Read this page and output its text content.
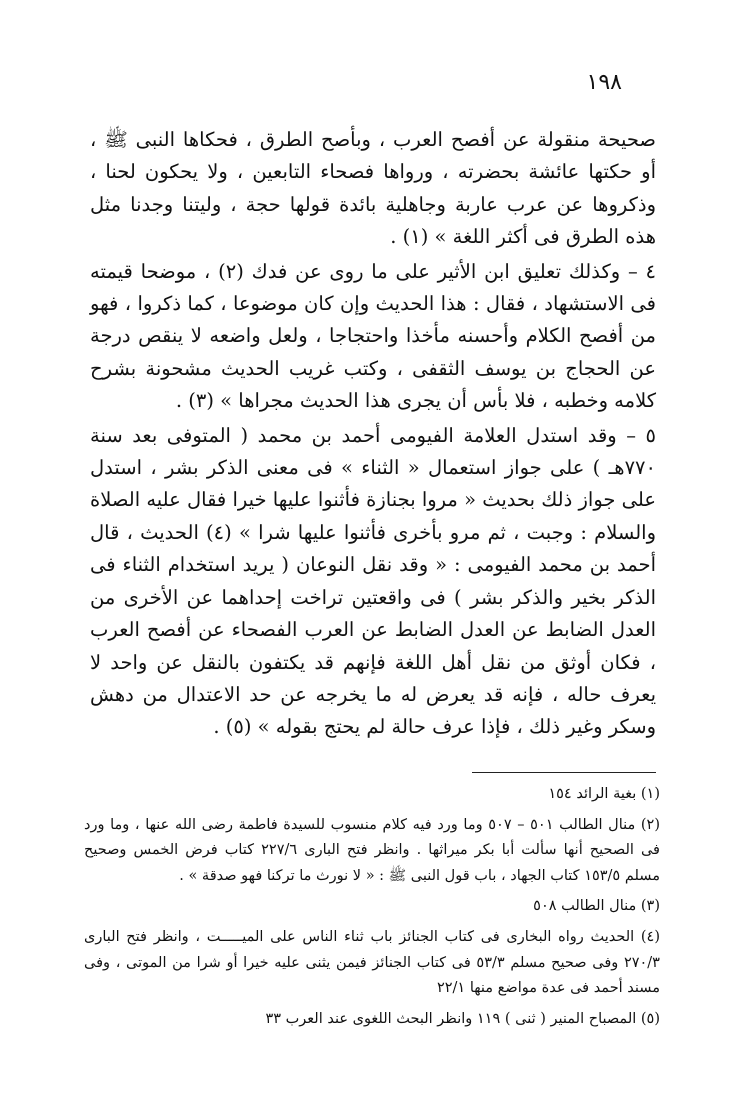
١٩٨

صحيحة منقولة عن أفصح العرب ، وبأصح الطرق ، فحكاها النبى ﷺ ، أو حكتها عائشة بحضرته ، ورواها فصحاء التابعين ، ولا يحكون لحنا ، وذكروها عن عرب عاربة وجاهلية بائدة قولها حجة ، وليتنا وجدنا مثل هذه الطرق فى أكثر اللغة » (١) .

٤ – وكذلك تعليق ابن الأثير على ما روى عن فدك (٢) ، موضحا قيمته فى الاستشهاد ، فقال : هذا الحديث وإن كان موضوعا ، كما ذكروا ، فهو من أفصح الكلام وأحسنه مأخذا واحتجاجا ، ولعل واضعه لا ينقص درجة عن الحجاج بن يوسف الثقفى ، وكتب غريب الحديث مشحونة بشرح كلامه وخطبه ، فلا بأس أن يجرى هذا الحديث مجراها » (٣) .

٥ – وقد استدل العلامة الفيومى أحمد بن محمد ( المتوفى بعد سنة ٧٧٠هـ ) على جواز استعمال « الثناء » فى معنى الذكر بشر ، استدل على جواز ذلك بحديث « مروا بجنازة فأثنوا عليها خيرا فقال عليه الصلاة والسلام : وجبت ، ثم مرو بأخرى فأثنوا عليها شرا » (٤) الحديث ، قال أحمد بن محمد الفيومى : « وقد نقل النوعان ( يريد استخدام الثناء فى الذكر بخير والذكر بشر ) فى واقعتين تراخت إحداهما عن الأخرى من العدل الضابط عن العدل الضابط عن العرب الفصحاء عن أفصح العرب ، فكان أوثق من نقل أهل اللغة فإنهم قد يكتفون بالنقل عن واحد لا يعرف حاله ، فإنه قد يعرض له ما يخرجه عن حد الاعتدال من دهش وسكر وغير ذلك ، فإذا عرف حالة لم يحتج بقوله » (٥) .

(١) بغية الرائد ١٥٤

(٢) منال الطالب ٥٠١ – ٥٠٧ وما ورد فيه كلام منسوب للسيدة فاطمة رضى الله عنها ، وما ورد فى الصحيح أنها سألت أبا بكر ميراثها . وانظر فتح البارى ٢٢٧/٦ كتاب فرض الخمس وصحيح مسلم ١٥٣/٥ كتاب الجهاد ، باب قول النبى ﷺ : « لا نورث ما تركنا فهو صدقة » .

(٣) منال الطالب ٥٠٨

(٤) الحديث رواه البخارى فى كتاب الجنائز باب ثناء الناس على الميـــــت ، وانظر فتح البارى ٢٧٠/٣ وفى صحيح مسلم ٥٣/٣ فى كتاب الجنائز فيمن يثنى عليه خيرا أو شرا من الموتى ، وفى مسند أحمد فى عدة مواضع منها ٢٢/١

(٥) المصباح المنير ( ثنى ) ١١٩ وانظر البحث اللغوى عند العرب ٣٣
